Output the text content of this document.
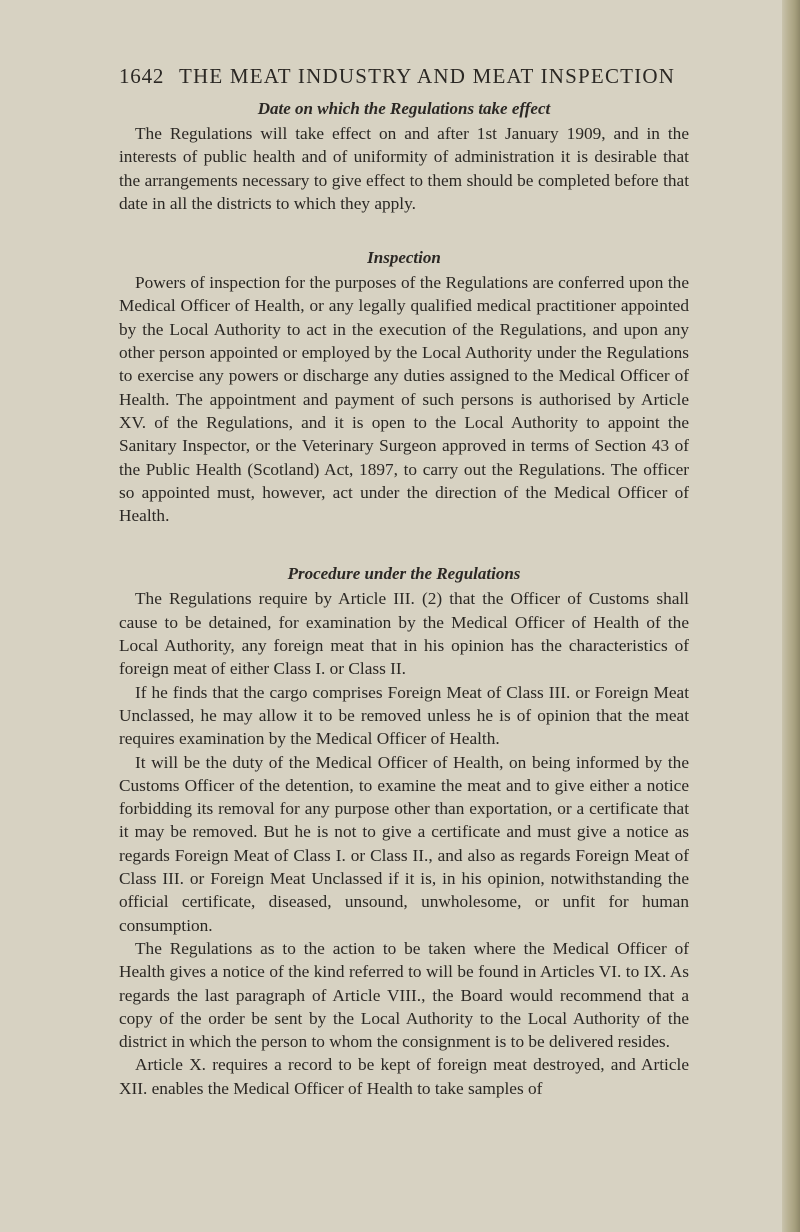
1642 THE MEAT INDUSTRY AND MEAT INSPECTION
Date on which the Regulations take effect

The Regulations will take effect on and after 1st January 1909, and in the interests of public health and of uniformity of administration it is desirable that the arrangements necessary to give effect to them should be completed before that date in all the districts to which they apply.

Inspection

Powers of inspection for the purposes of the Regulations are conferred upon the Medical Officer of Health, or any legally qualified medical practitioner appointed by the Local Authority to act in the execution of the Regulations, and upon any other person appointed or employed by the Local Authority under the Regulations to exercise any powers or discharge any duties assigned to the Medical Officer of Health. The appointment and payment of such persons is authorised by Article XV. of the Regulations, and it is open to the Local Authority to appoint the Sanitary Inspector, or the Veterinary Surgeon approved in terms of Section 43 of the Public Health (Scotland) Act, 1897, to carry out the Regulations. The officer so appointed must, however, act under the direction of the Medical Officer of Health.

Procedure under the Regulations

The Regulations require by Article III. (2) that the Officer of Customs shall cause to be detained, for examination by the Medical Officer of Health of the Local Authority, any foreign meat that in his opinion has the characteristics of foreign meat of either Class I. or Class II.

If he finds that the cargo comprises Foreign Meat of Class III. or Foreign Meat Unclassed, he may allow it to be removed unless he is of opinion that the meat requires examination by the Medical Officer of Health.

It will be the duty of the Medical Officer of Health, on being informed by the Customs Officer of the detention, to examine the meat and to give either a notice forbidding its removal for any purpose other than exportation, or a certificate that it may be removed. But he is not to give a certificate and must give a notice as regards Foreign Meat of Class I. or Class II., and also as regards Foreign Meat of Class III. or Foreign Meat Unclassed if it is, in his opinion, notwithstanding the official certificate, diseased, unsound, unwholesome, or unfit for human consumption.

The Regulations as to the action to be taken where the Medical Officer of Health gives a notice of the kind referred to will be found in Articles VI. to IX. As regards the last paragraph of Article VIII., the Board would recommend that a copy of the order be sent by the Local Authority to the Local Authority of the district in which the person to whom the consignment is to be delivered resides.

Article X. requires a record to be kept of foreign meat destroyed, and Article XII. enables the Medical Officer of Health to take samples of
